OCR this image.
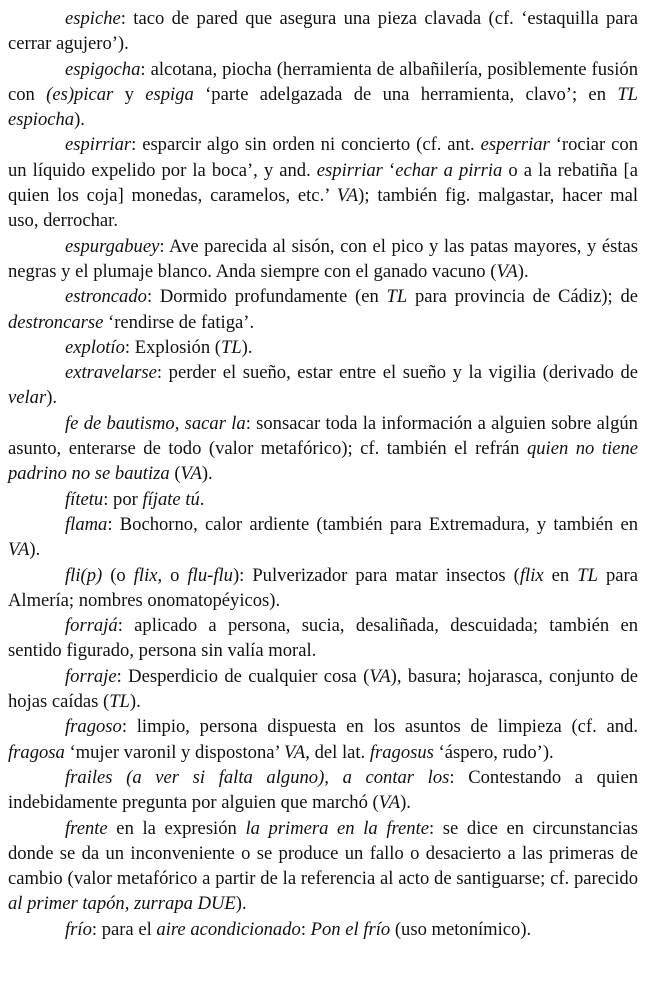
espiche: taco de pared que asegura una pieza clavada (cf. ‘estaquilla para cerrar agujero’).

espigocha: alcotana, piocha (herramienta de albañilería, posiblemente fusión con (es)picar y espiga ‘parte adelgazada de una herramienta, clavo’; en TL espiocha).

espirriar: esparcir algo sin orden ni concierto (cf. ant. esperriar ‘rociar con un líquido expelido por la boca’, y and. espirriar ‘echar a pirria o a la rebatiña [a quien los coja] monedas, caramelos, etc.’ VA); también fig. malgastar, hacer mal uso, derrochar.

espurgabuey: Ave parecida al sisón, con el pico y las patas mayores, y éstas negras y el plumaje blanco. Anda siempre con el ganado vacuno (VA).

estroncado: Dormido profundamente (en TL para provincia de Cádiz); de destroncarse ‘rendirse de fatiga’.

explotío: Explosión (TL).

extravelarse: perder el sueño, estar entre el sueño y la vigilia (derivado de velar).

fe de bautismo, sacar la: sonsacar toda la información a alguien sobre algún asunto, enterarse de todo (valor metafórico); cf. también el refrán quien no tiene padrino no se bautiza (VA).

fítetu: por fíjate tú.

flama: Bochorno, calor ardiente (también para Extremadura, y también en VA).

fli(p) (o flix, o flu-flu): Pulverizador para matar insectos (flix en TL para Almería; nombres onomatopéyicos).

forrajá: aplicado a persona, sucia, desaliñada, descuidada; también en sentido figurado, persona sin valía moral.

forraje: Desperdicio de cualquier cosa (VA), basura; hojarasca, conjunto de hojas caídas (TL).

fragoso: limpio, persona dispuesta en los asuntos de limpieza (cf. and. fragosa ‘mujer varonil y dispostona’ VA, del lat. fragosus ‘áspero, rudo’).

frailes (a ver si falta alguno), a contar los: Contestando a quien indebidamente pregunta por alguien que marchó (VA).

frente en la expresión la primera en la frente: se dice en circunstancias donde se da un inconveniente o se produce un fallo o desacierto a las primeras de cambio (valor metafórico a partir de la referencia al acto de santiguarse; cf. parecido al primer tapón, zurrapa DUE).

frío: para el aire acondicionado: Pon el frío (uso metonímico).
